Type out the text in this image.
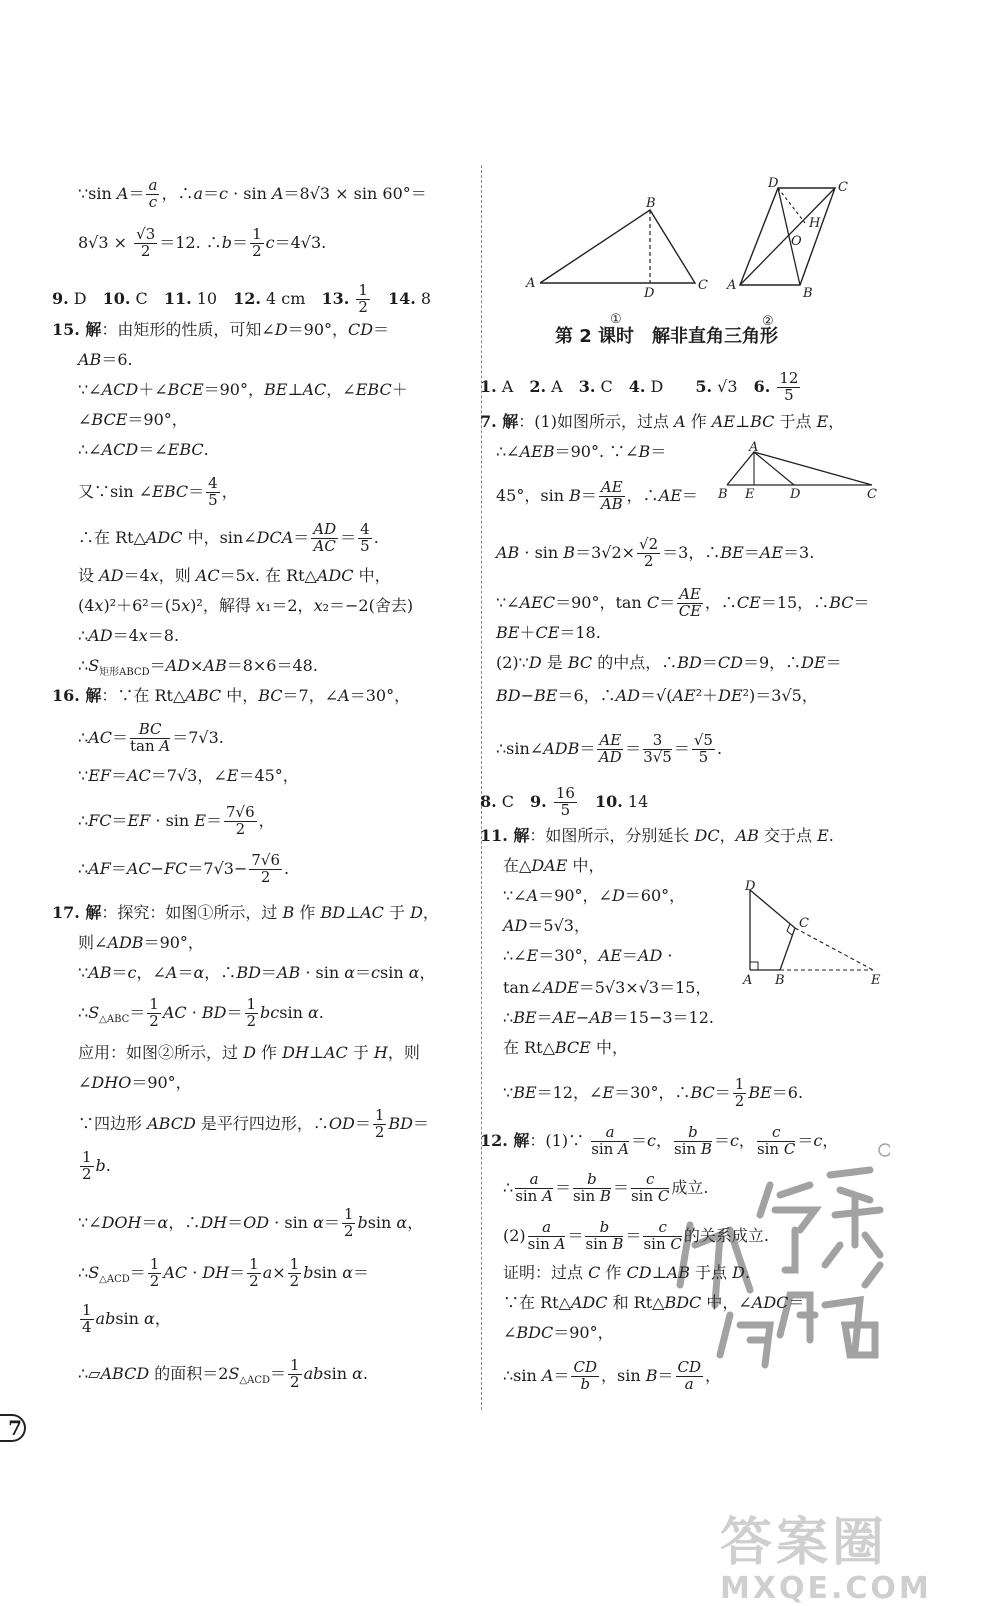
∵sin $A= \frac{a}{c}$ ，∴a＝c · sin A＝8√3 × sin 60°＝
$8√3 \times \frac{√3}{2} =12$. ∴b＝ $\frac{1}{2} c=4√3$.
9. D　10. C　11. 10　12. 4 cm　13. $\frac{1}{2}$
　 14. 8
15. 解：由矩形的性质，可知∠D＝90°，CD＝
AB＝6.
∵∠ACD＋∠BCE＝90°，BE⊥AC，∠EBC＋
∠BCE＝90°，
∴∠ACD＝∠EBC.
又∵sin ∠EBC＝ $\frac{4}{5}$ ，
∴在 Rt△ADC 中，sin∠DCA＝ $\frac{AD}{AC} = \frac{4}{5}$ .
设 AD＝4x，则 AC＝5x. 在 Rt△ADC 中，
(4x)²＋6²＝(5x)²，解得 x₁＝2，x₂＝−2(舍去)
∴AD＝4x＝8.
$\therefore S_{矩形ABCD}=AD\times AB=8\times 6=48$.
16. 解：∵在 Rt△ABC 中，BC＝7，∠A＝30°，
∴AC＝ $\frac{BC}{\text{tan A}} =7√3$.
∵EF＝AC＝7√3，∠E＝45°，
∴FC＝EF · $\sin E= \frac{7√6}{2}$ ，
∴AF＝AC−FC＝7√3− $\frac{7√6}{2}$ .
17. 解：探究：如图①所示，过 B 作 BD⊥AC 于 D，
则∠ADB＝90°，
∵AB＝c，∠A＝α，∴BD＝AB · sin α＝csin α，
$\therefore S_{\triangle ABC}= \frac{1}{2}$ AC · $BD= \frac{1}{2}$ bcsin α.
应用：如图②所示，过 D 作 DH⊥AC 于 H，则
∠DHO＝90°，
∵四边形 ABCD 是平行四边形，∴OD＝ $\frac{1}{2} BD=$
$\frac{1}{2} b$.
∵∠DOH＝α，∴DH＝OD · $\sin \alpha= \frac{1}{2}$ bsin α，
$\therefore S_{\triangle ACD}= \frac{1}{2}$ AC · $DH= \frac{1}{2} a\times \frac{1}{2}$ bsin α＝
$\frac{1}{4}$ absin α，
∴▱ABCD 的面积$=2S_{\triangle ACD}= \frac{1}{2}$ absin α.
7
A
B
C
D
①
A
B
C
D
H
O
②
第 2 课时　解非直角三角形
1. A　2. A　3. C　4. D　　5. √3　6. $\frac{12}{5}$
7. 解：(1)如图所示，过点 A 作 AE⊥BC 于点 E，
∴∠AEB＝90°. ∵∠B＝
45°，$\sin B= \frac{AE}{AB}$ ，∴AE＝
A
B E	D	C
AB · $\sin B=3√2\times \frac{√2}{2} =3$，∴BE＝AE＝3.
∵∠AEC＝90°，$\tan C= \frac{AE}{CE}$ ，∴CE＝15，∴BC＝
BE＋CE＝18.
(2)∵D 是 BC 的中点，∴BD＝CD＝9，∴DE＝
BD−BE＝6，∴AD＝√(AE²＋DE²)＝3√5，
∴sin∠ADB＝ $\frac{AE}{AD} = \frac{3}{3√5} = \frac{√5}{5}$ .
8. C　9. $\frac{16}{5}$
　 10. 14
11. 解：如图所示，分别延长 DC，AB 交于点 E.
在△DAE 中，
∵∠A＝90°，∠D＝60°，
AD＝5√3，
∴∠E＝30°，AE＝AD ·
tan∠ADE＝5√3×√3＝15，
D
C
A B	E
∴BE＝AE−AB＝15−3＝12.
在 Rt△BCE 中，
∵BE＝12，∠E＝30°，∴BC＝ $\frac{1}{2} BE=6$.
12. 解：(1)∵ $\frac{a}{\text{sin A}} =c$， $\frac{b}{\text{sin B}} =c$， $\frac{c}{\text{sin C}} =c$，
∴ $\frac{a}{\text{sin A}} = \frac{b}{\text{sin B}} = \frac{c}{\text{sin C}}$ 成立.
$(2) \frac{a}{\text{sin A}} = \frac{b}{\text{sin B}} = \frac{c}{\text{sin C}}$ 的关系成立.
证明：过点 C 作 CD⊥AB 于点 D.
∵在 Rt△ADC 和 Rt△BDC 中，∠ADC＝
∠BDC＝90°，
∴sin $A= \frac{CD}{b}$ ，$\sin B= \frac{CD}{a}$ ，
答案圈
MXQE.COM
